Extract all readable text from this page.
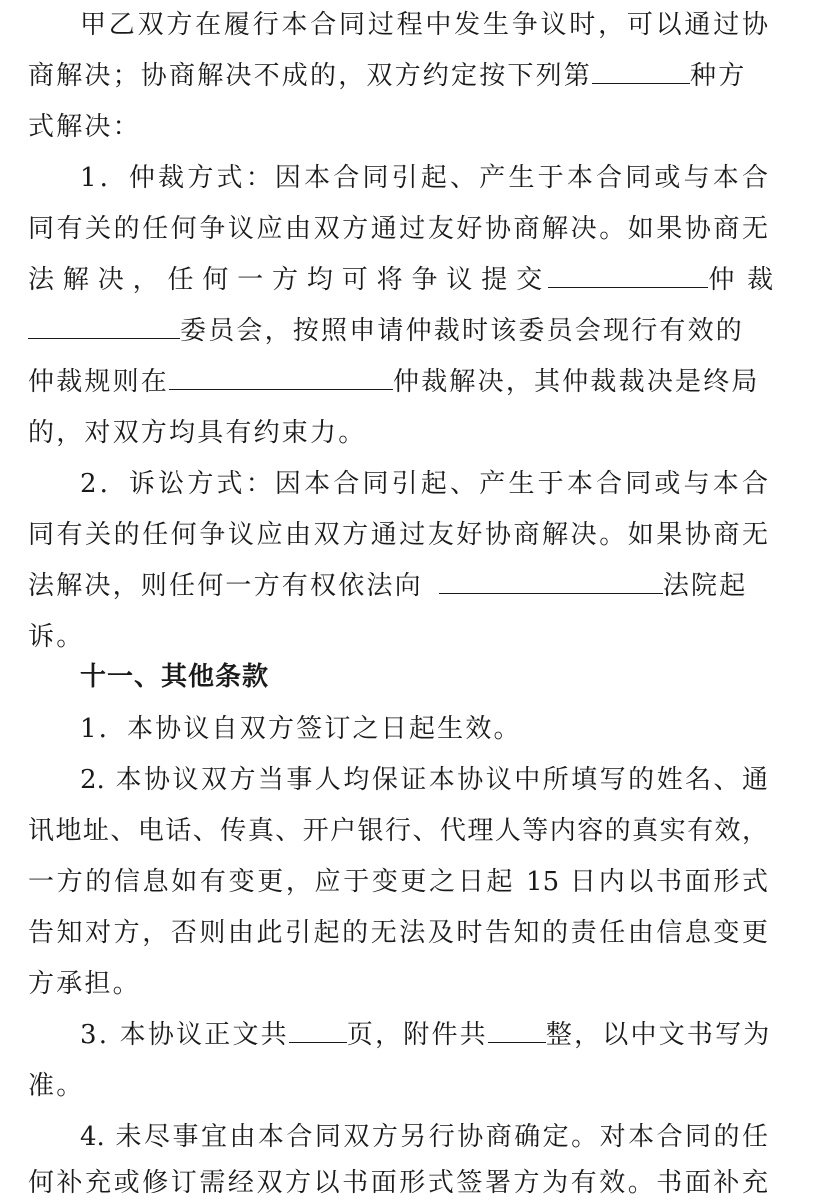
甲乙双方在履行本合同过程中发生争议时，可以通过协
商解决；协商解决不成的，双方约定按下列第	种方
式解决：
1．仲裁方式：因本合同引起、产生于本合同或与本合
同有关的任何争议应由双方通过友好协商解决。如果协商无
法 解 决 ， 任 何 一 方 均 可 将 争 议 提 交	仲 裁
委员会，按照申请仲裁时该委员会现行有效的
仲裁规则在	仲裁解决，其仲裁裁决是终局
的，对双方均具有约束力。
2．诉讼方式：因本合同引起、产生于本合同或与本合
同有关的任何争议应由双方通过友好协商解决。如果协商无
法解决，则任何一方有权依法向	法院起
诉。
十一、其他条款
1．本协议自双方签订之日起生效。
2. 本协议双方当事人均保证本协议中所填写的姓名、通
讯地址、电话、传真、开户银行、代理人等内容的真实有效，
一方的信息如有变更，应于变更之日起 15 日内以书面形式
告知对方，否则由此引起的无法及时告知的责任由信息变更
方承担。
3. 本协议正文共 页，附件共 整，以中文书写为
准。
4. 未尽事宜由本合同双方另行协商确定。对本合同的任
何补充或修订需经双方以书面形式签署方为有效。书面补充
